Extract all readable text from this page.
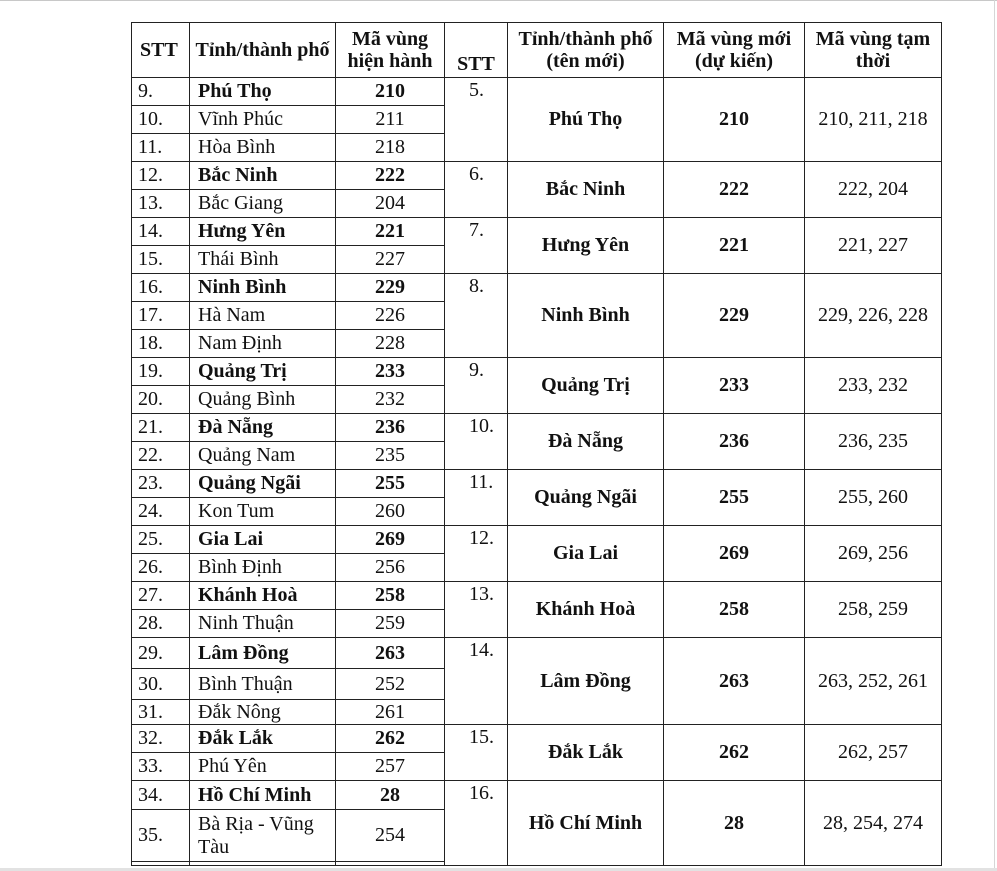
STT	Tỉnh/thành phố	Mã vùng hiện hành	STT	Tỉnh/thành phố (tên mới)	Mã vùng mới (dự kiến)	Mã vùng tạm thời
9.	Phú Thọ	210	5.	Phú Thọ	210	210, 211, 218
10.	Vĩnh Phúc	211				
11.	Hòa Bình	218				
12.	Bắc Ninh	222	6.	Bắc Ninh	222	222, 204
13.	Bắc Giang	204				
14.	Hưng Yên	221	7.	Hưng Yên	221	221, 227
15.	Thái Bình	227				
16.	Ninh Bình	229	8.	Ninh Bình	229	229, 226, 228
17.	Hà Nam	226				
18.	Nam Định	228				
19.	Quảng Trị	233	9.	Quảng Trị	233	233, 232
20.	Quảng Bình	232				
21.	Đà Nẵng	236	10.	Đà Nẵng	236	236, 235
22.	Quảng Nam	235				
23.	Quảng Ngãi	255	11.	Quảng Ngãi	255	255, 260
24.	Kon Tum	260				
25.	Gia Lai	269	12.	Gia Lai	269	269, 256
26.	Bình Định	256				
27.	Khánh Hoà	258	13.	Khánh Hoà	258	258, 259
28.	Ninh Thuận	259				
29.	Lâm Đồng	263	14.	Lâm Đồng	263	263, 252, 261
30.	Bình Thuận	252				
31.	Đắk Nông	261				
32.	Đắk Lắk	262	15.	Đắk Lắk	262	262, 257
33.	Phú Yên	257				
34.	Hồ Chí Minh	28	16.	Hồ Chí Minh	28	28, 254, 274
35.	Bà Rịa - Vũng Tàu	254				
